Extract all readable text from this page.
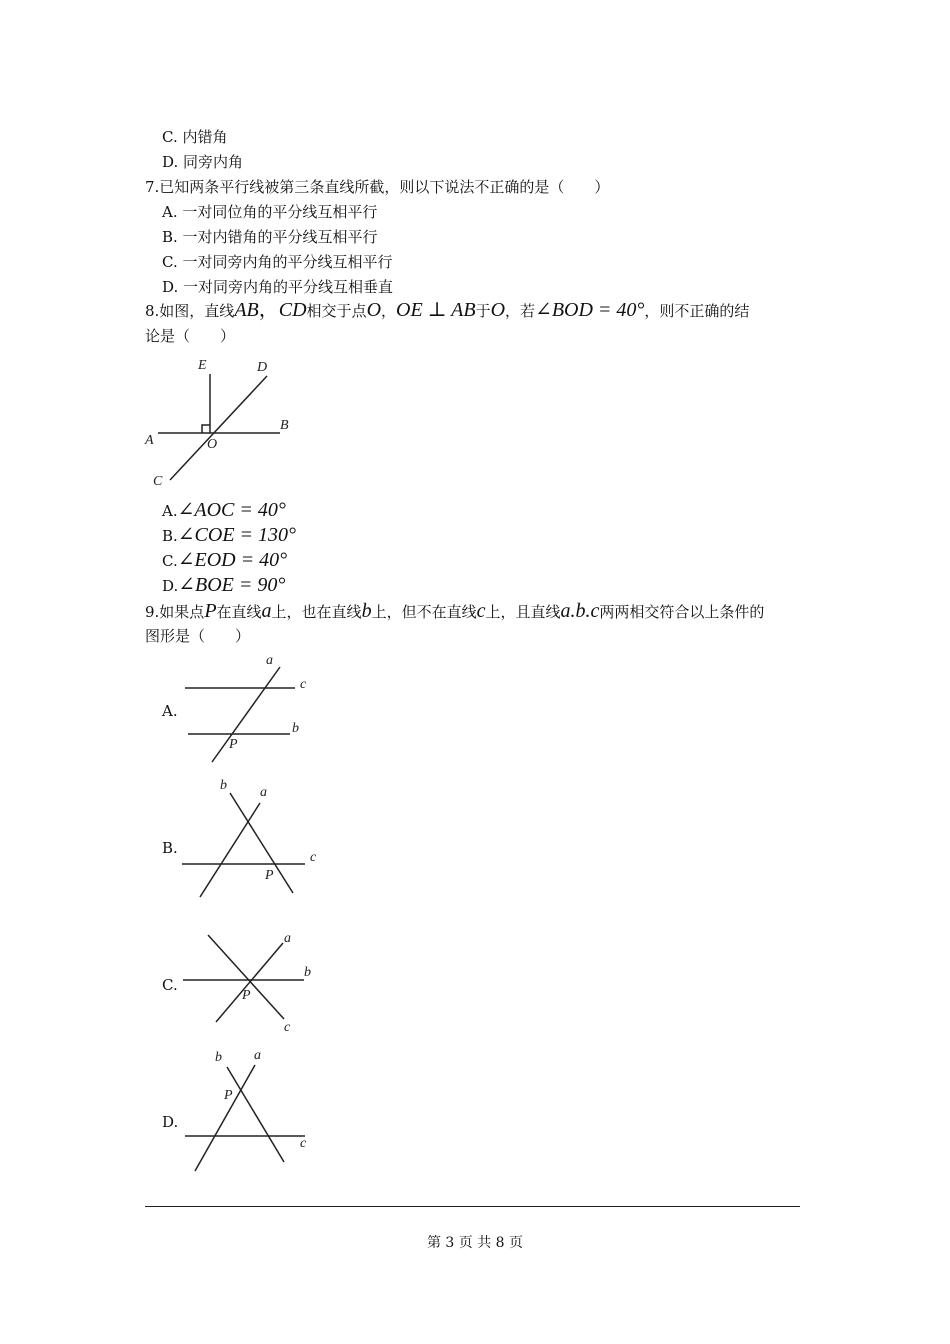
C. 内错角
D. 同旁内角
7.已知两条平行线被第三条直线所截，则以下说法不正确的是（　　）
A. 一对同位角的平分线互相平行
B. 一对内错角的平分线互相平行
C. 一对同旁内角的平分线互相平行
D. 一对同旁内角的平分线互相垂直
8.如图，直线AB，CD相交于点O，OE ⊥ AB于O，若∠BOD = 40°，则不正确的结
论是（　　）
E	D
A
B
O
C
A.∠AOC = 40°
B.∠COE = 130°
C.∠EOD = 40°
D.∠BOE = 90°
9.如果点P在直线a上，也在直线b上，但不在直线c上，且直线a.b.c两两相交符合以上条件的
图形是（　　）
A.
a
c
b
P
B.
b a
c
P
C.
a
b
P
c
D.
b a
P
c
第 3 页 共 8 页
